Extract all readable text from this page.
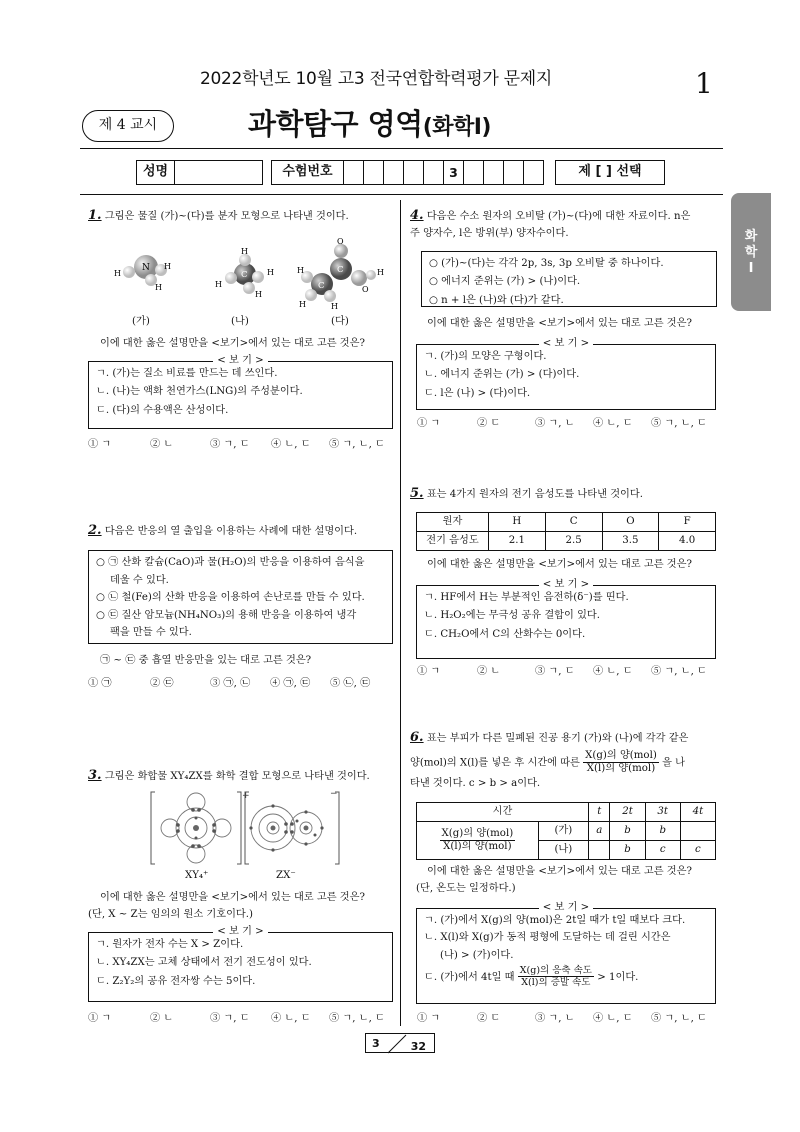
2022학년도 10월 고3 전국연합학력평가 문제지	1
제 4 교시	과학탐구 영역(화학Ⅰ)
성명	수험번호	3	제 [ ] 선택
화
학
Ⅰ
1. 그림은 물질 (가)~(다)를 분자 모형으로 나타낸 것이다.
N
H
H
H
C
H
H
H
H
O
C
O
H
C
H
H	H
(가)	(나)	(다)
이에 대한 옳은 설명만을 <보기>에서 있는 대로 고른 것은?
< 보 기 >
ㄱ. (가)는 질소 비료를 만드는 데 쓰인다.
ㄴ. (나)는 액화 천연가스(LNG)의 주성분이다.
ㄷ. (다)의 수용액은 산성이다.
① ㄱ	② ㄴ	③ ㄱ, ㄷ	④ ㄴ, ㄷ	⑤ ㄱ, ㄴ, ㄷ
2. 다음은 반응의 열 출입을 이용하는 사례에 대한 설명이다.
○ ㉠ 산화 칼슘(CaO)과 물(H₂O)의 반응을 이용하여 음식을
데울 수 있다.
○ ㉡ 철(Fe)의 산화 반응을 이용하여 손난로를 만들 수 있다.
○ ㉢ 질산 암모늄(NH₄NO₃)의 용해 반응을 이용하여 냉각
팩을 만들 수 있다.
㉠ ~ ㉢ 중 흡열 반응만을 있는 대로 고른 것은?
① ㉠	② ㉢	③ ㉠, ㉡	④ ㉠, ㉢	⑤ ㉡, ㉢
3. 그림은 화합물 XY₄ZX를 화학 결합 모형으로 나타낸 것이다.
+	−
XY₄⁺	ZX⁻
이에 대한 옳은 설명만을 <보기>에서 있는 대로 고른 것은?
(단, X ~ Z는 임의의 원소 기호이다.)
< 보 기 >
ㄱ. 원자가 전자 수는 X > Z이다.
ㄴ. XY₄ZX는 고체 상태에서 전기 전도성이 있다.
ㄷ. Z₂Y₂의 공유 전자쌍 수는 5이다.
① ㄱ	② ㄴ	③ ㄱ, ㄷ	④ ㄴ, ㄷ	⑤ ㄱ, ㄴ, ㄷ
4. 다음은 수소 원자의 오비탈 (가)~(다)에 대한 자료이다. n은
주 양자수, l은 방위(부) 양자수이다.
○ (가)~(다)는 각각 2p, 3s, 3p 오비탈 중 하나이다.
○ 에너지 준위는 (가) > (나)이다.
○ n + l은 (나)와 (다)가 같다.
이에 대한 옳은 설명만을 <보기>에서 있는 대로 고른 것은?
< 보 기 >
ㄱ. (가)의 모양은 구형이다.
ㄴ. 에너지 준위는 (가) > (다)이다.
ㄷ. l은 (나) > (다)이다.
① ㄱ	② ㄷ	③ ㄱ, ㄴ	④ ㄴ, ㄷ	⑤ ㄱ, ㄴ, ㄷ
5. 표는 4가지 원자의 전기 음성도를 나타낸 것이다.
원자	H	C	O	F
전기 음성도	2.1	2.5	3.5	4.0
이에 대한 옳은 설명만을 <보기>에서 있는 대로 고른 것은?
< 보 기 >
ㄱ. HF에서 H는 부분적인 음전하(δ⁻)를 띤다.
ㄴ. H₂O₂에는 무극성 공유 결합이 있다.
ㄷ. CH₂O에서 C의 산화수는 0이다.
① ㄱ	② ㄴ	③ ㄱ, ㄷ	④ ㄴ, ㄷ	⑤ ㄱ, ㄴ, ㄷ
6. 표는 부피가 다른 밀폐된 진공 용기 (가)와 (나)에 각각 같은
양(mol)의 X(l)를 넣은 후 시간에 따른 $\frac{\text{X(g)의 양(mol)}}{\text{X(l)의 양(mol)}}$ 을 나
타낸 것이다. c > b > a이다.
시간		t	2t	3t	4t

$\frac{\text{X(g)의 양(mol)}}{\text{X(l)의 양(mol)}}$	(가)	a	b	b	
	(나)		b	c	c
이에 대한 옳은 설명만을 <보기>에서 있는 대로 고른 것은?
(단, 온도는 일정하다.)
< 보 기 >
ㄱ. (가)에서 X(g)의 양(mol)은 2t일 때가 t일 때보다 크다.
ㄴ. X(l)와 X(g)가 동적 평형에 도달하는 데 걸린 시간은
(나) > (가)이다.
ㄷ. (가)에서 4t일 때 $\frac{\text{X(g)의 응축 속도}}{\text{X(l)의 증발 속도}} > 1$이다.
① ㄱ	② ㄷ	③ ㄱ, ㄴ	④ ㄴ, ㄷ	⑤ ㄱ, ㄴ, ㄷ
3	32
